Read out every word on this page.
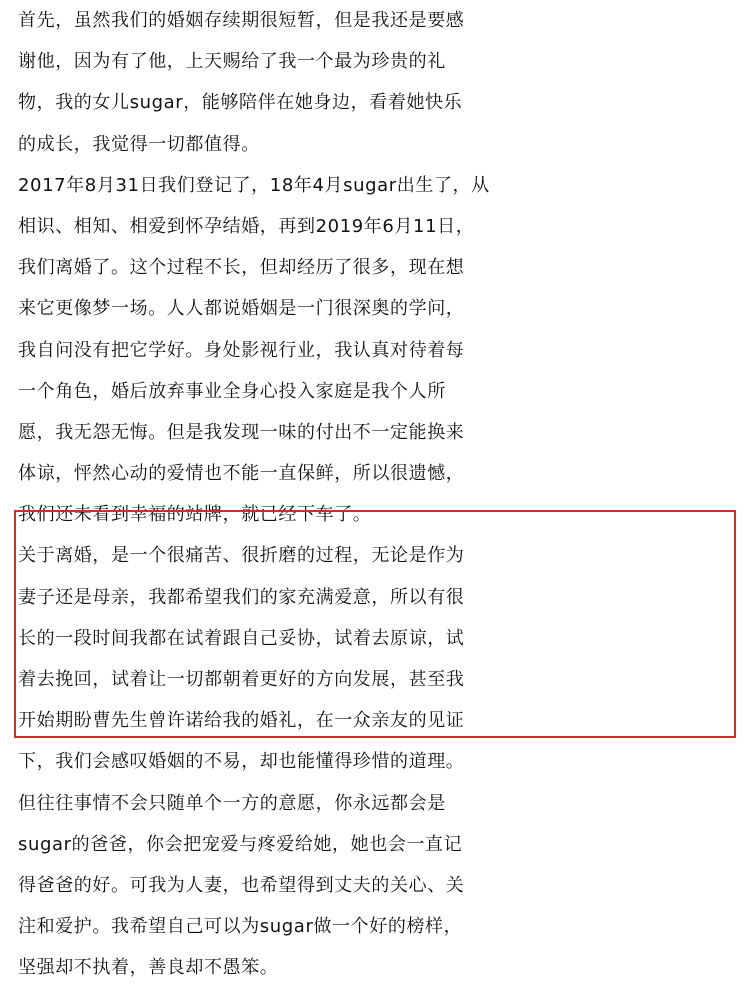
首先，虽然我们的婚姻存续期很短暂，但是我还是要感
谢他，因为有了他，上天赐给了我一个最为珍贵的礼
物，我的女儿sugar，能够陪伴在她身边，看着她快乐
的成长，我觉得一切都值得。
2017年8月31日我们登记了，18年4月sugar出生了，从
相识、相知、相爱到怀孕结婚，再到2019年6月11日，
我们离婚了。这个过程不长，但却经历了很多，现在想
来它更像梦一场。人人都说婚姻是一门很深奥的学问，
我自问没有把它学好。身处影视行业，我认真对待着每
一个角色，婚后放弃事业全身心投入家庭是我个人所
愿，我无怨无悔。但是我发现一味的付出不一定能换来
体谅，怦然心动的爱情也不能一直保鲜，所以很遗憾，
我们还未看到幸福的站牌，就已经下车了。
关于离婚，是一个很痛苦、很折磨的过程，无论是作为
妻子还是母亲，我都希望我们的家充满爱意，所以有很
长的一段时间我都在试着跟自己妥协，试着去原谅，试
着去挽回，试着让一切都朝着更好的方向发展，甚至我
开始期盼曹先生曾许诺给我的婚礼，在一众亲友的见证
下，我们会感叹婚姻的不易，却也能懂得珍惜的道理。
但往往事情不会只随单个一方的意愿，你永远都会是
sugar的爸爸，你会把宠爱与疼爱给她，她也会一直记
得爸爸的好。可我为人妻，也希望得到丈夫的关心、关
注和爱护。我希望自己可以为sugar做一个好的榜样，
坚强却不执着，善良却不愚笨。
